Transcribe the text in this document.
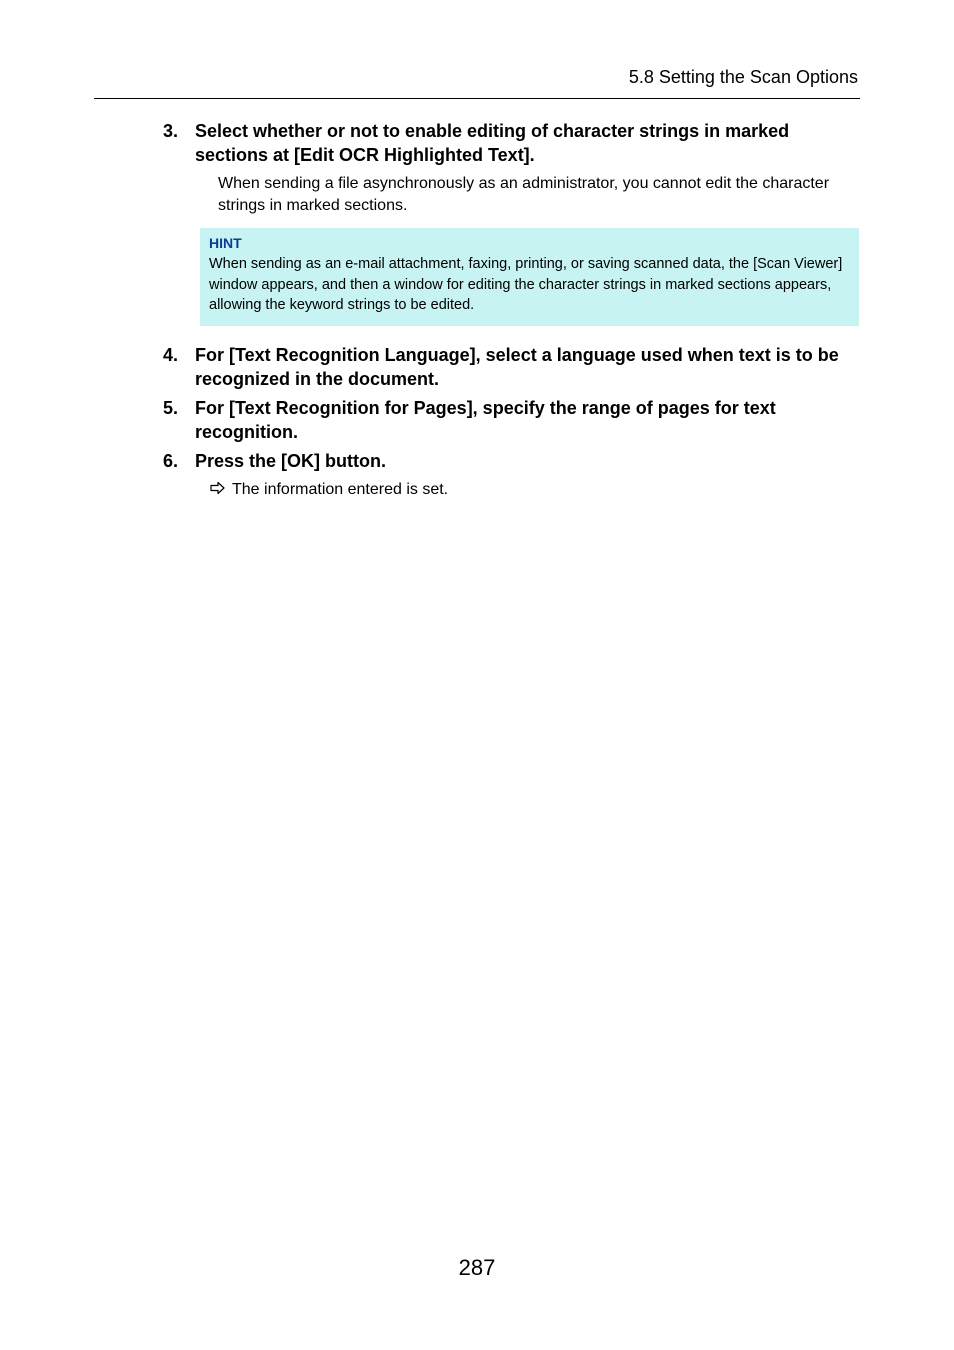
5.8 Setting the Scan Options
3. Select whether or not to enable editing of character strings in marked sections at [Edit OCR Highlighted Text].
When sending a file asynchronously as an administrator, you cannot edit the character strings in marked sections.
HINT
When sending as an e-mail attachment, faxing, printing, or saving scanned data, the [Scan Viewer] window appears, and then a window for editing the character strings in marked sections appears, allowing the keyword strings to be edited.
4. For [Text Recognition Language], select a language used when text is to be recognized in the document.
5. For [Text Recognition for Pages], specify the range of pages for text recognition.
6. Press the [OK] button.
The information entered is set.
287
